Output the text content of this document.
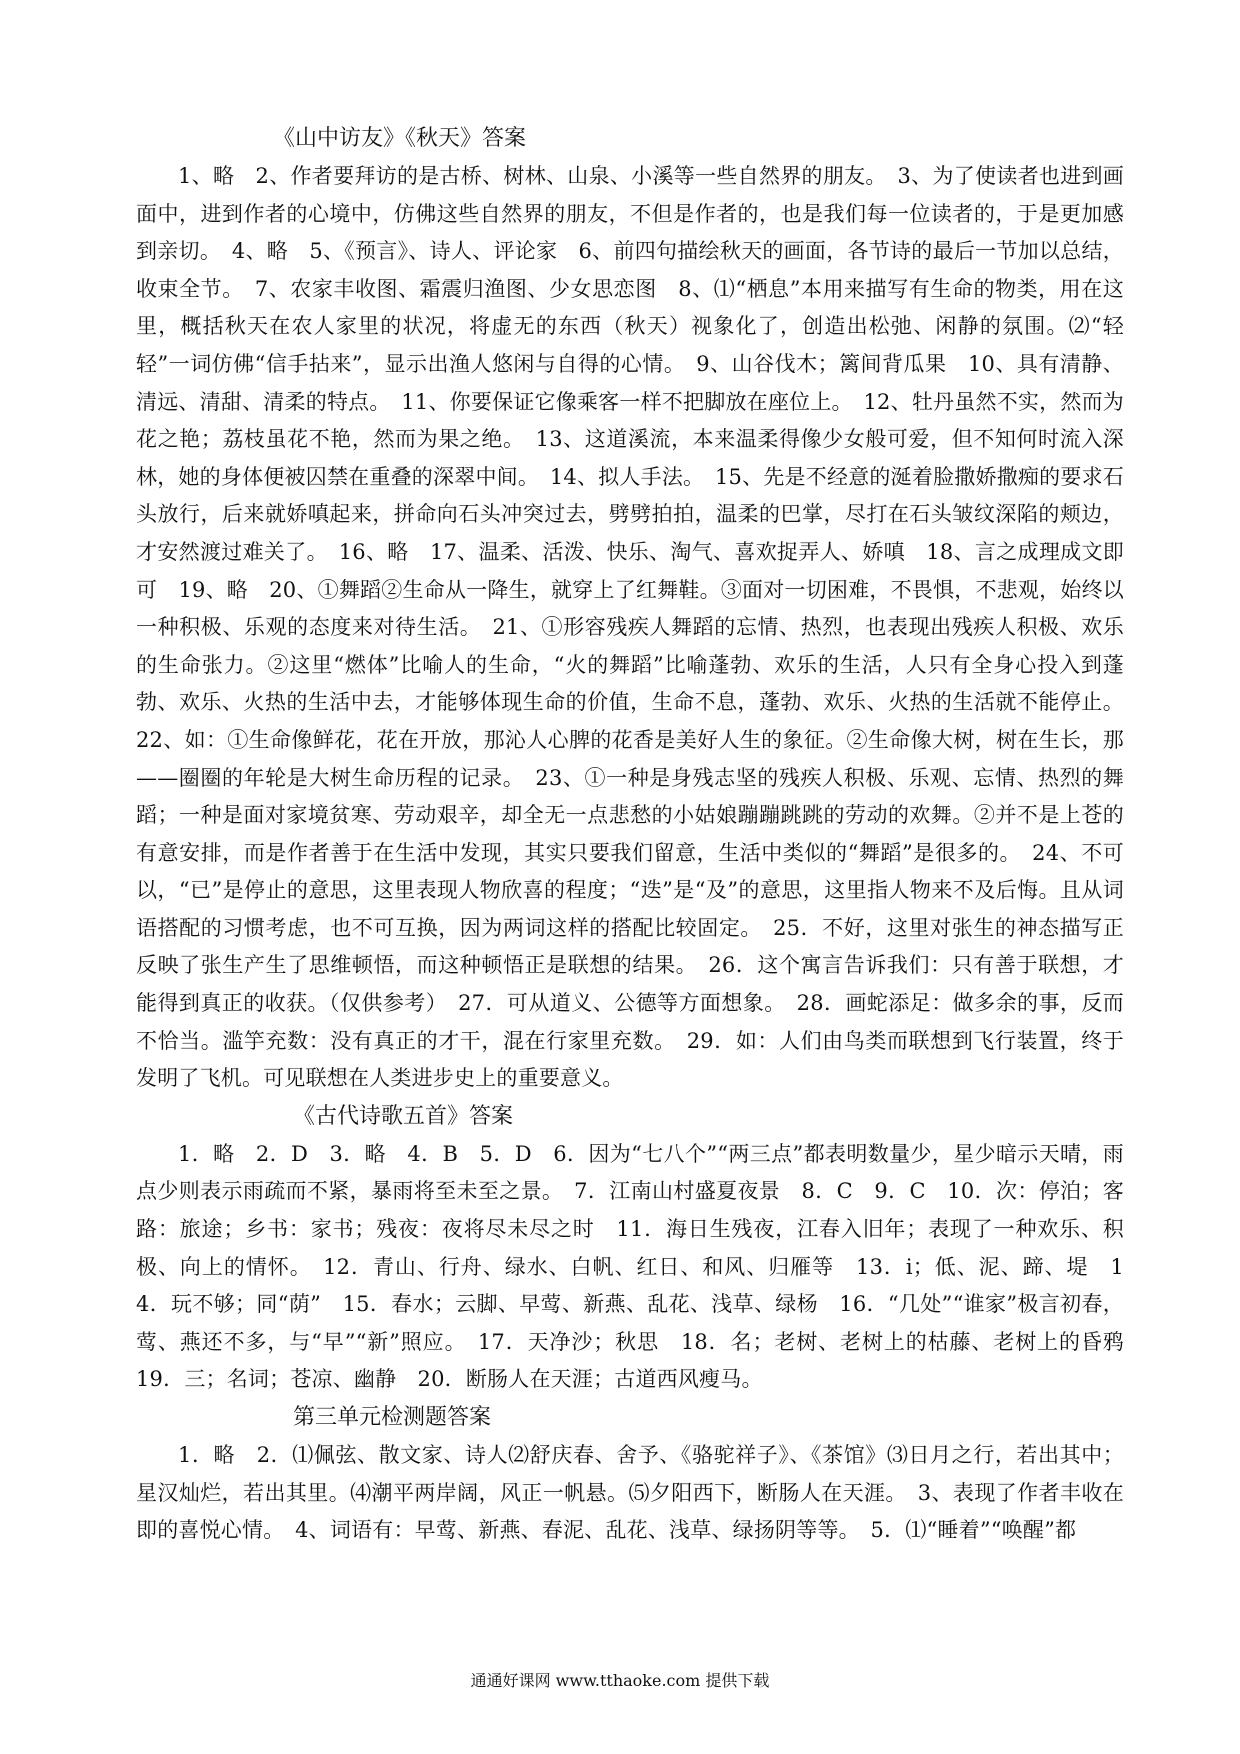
《山中访友》《秋天》答案

1、略　2、作者要拜访的是古桥、树林、山泉、小溪等一些自然界的朋友。　3、为了使读者也进到画面中，进到作者的心境中，仿佛这些自然界的朋友，不但是作者的，也是我们每一位读者的，于是更加感到亲切。　4、略　5、《预言》、诗人、评论家　6、前四句描绘秋天的画面，各节诗的最后一节加以总结，收束全节。　7、农家丰收图、霜震归渔图、少女思恋图　8、⑴“栖息”本用来描写有生命的物类，用在这里，概括秋天在农人家里的状况，将虚无的东西（秋天）视象化了，创造出松弛、闲静的氛围。⑵“轻轻”一词仿佛“信手拈来”，显示出渔人悠闲与自得的心情。　9、山谷伐木；篱间背瓜果　10、具有清静、清远、清甜、清柔的特点。　11、你要保证它像乘客一样不把脚放在座位上。　12、牡丹虽然不实，然而为花之艳；荔枝虽花不艳，然而为果之绝。　13、这道溪流，本来温柔得像少女般可爱，但不知何时流入深林，她的身体便被囚禁在重叠的深翠中间。　14、拟人手法。　15、先是不经意的涎着脸撒娇撒痴的要求石头放行，后来就娇嗔起来，拼命向石头冲突过去，劈劈拍拍，温柔的巴掌，尽打在石头皱纹深陷的颊边，才安然渡过难关了。　16、略　17、温柔、活泼、快乐、淘气、喜欢捉弄人、娇嗔　18、言之成理成文即可　19、略　20、①舞蹈②生命从一降生，就穿上了红舞鞋。③面对一切困难，不畏惧，不悲观，始终以一种积极、乐观的态度来对待生活。　21、①形容残疾人舞蹈的忘情、热烈，也表现出残疾人积极、欢乐的生命张力。②这里“燃体”比喻人的生命，“火的舞蹈”比喻蓬勃、欢乐的生活，人只有全身心投入到蓬勃、欢乐、火热的生活中去，才能够体现生命的价值，生命不息，蓬勃、欢乐、火热的生活就不能停止。22、如：①生命像鲜花，花在开放，那沁人心脾的花香是美好人生的象征。②生命像大树，树在生长，那——圈圈的年轮是大树生命历程的记录。　23、①一种是身残志坚的残疾人积极、乐观、忘情、热烈的舞蹈；一种是面对家境贫寒、劳动艰辛，却全无一点悲愁的小姑娘蹦蹦跳跳的劳动的欢舞。②并不是上苍的有意安排，而是作者善于在生活中发现，其实只要我们留意，生活中类似的“舞蹈”是很多的。　24、不可以，“已”是停止的意思，这里表现人物欣喜的程度；“迭”是“及”的意思，这里指人物来不及后悔。且从词语搭配的习惯考虑，也不可互换，因为两词这样的搭配比较固定。　25．不好，这里对张生的神态描写正反映了张生产生了思维顿悟，而这种顿悟正是联想的结果。　26．这个寓言告诉我们：只有善于联想，才能得到真正的收获。（仅供参考）　27．可从道义、公德等方面想象。　28．画蛇添足：做多余的事，反而不恰当。滥竽充数：没有真正的才干，混在行家里充数。　29．如：人们由鸟类而联想到飞行装置，终于发明了飞机。可见联想在人类进步史上的重要意义。

《古代诗歌五首》答案

1．略　2．D　3．略　4．B　5．D　6．因为“七八个”“两三点”都表明数量少，星少暗示天晴，雨点少则表示雨疏而不紧，暴雨将至未至之景。　7．江南山村盛夏夜景　8．C　9．C　10．次：停泊；客路：旅途；乡书：家书；残夜：夜将尽未尽之时　11．海日生残夜，江春入旧年；表现了一种欢乐、积极、向上的情怀。　12．青山、行舟、绿水、白帆、红日、和风、归雁等　13．i；低、泥、蹄、堤　14．玩不够；同“荫”　15．春水；云脚、早莺、新燕、乱花、浅草、绿杨　16．“几处”“谁家”极言初春，莺、燕还不多，与“早”“新”照应。　17．天净沙；秋思　18．名；老树、老树上的枯藤、老树上的昏鸦　19．三；名词；苍凉、幽静　20．断肠人在天涯；古道西风瘦马。

第三单元检测题答案

1．略　2．⑴佩弦、散文家、诗人⑵舒庆春、舍予、《骆驼祥子》、《茶馆》⑶日月之行，若出其中；星汉灿烂，若出其里。⑷潮平两岸阔，风正一帆悬。⑸夕阳西下，断肠人在天涯。　3、表现了作者丰收在即的喜悦心情。　4、词语有：早莺、新燕、春泥、乱花、浅草、绿扬阴等等。　5．⑴“睡着”“唤醒”都

通通好课网 www.tthaoke.com 提供下载
